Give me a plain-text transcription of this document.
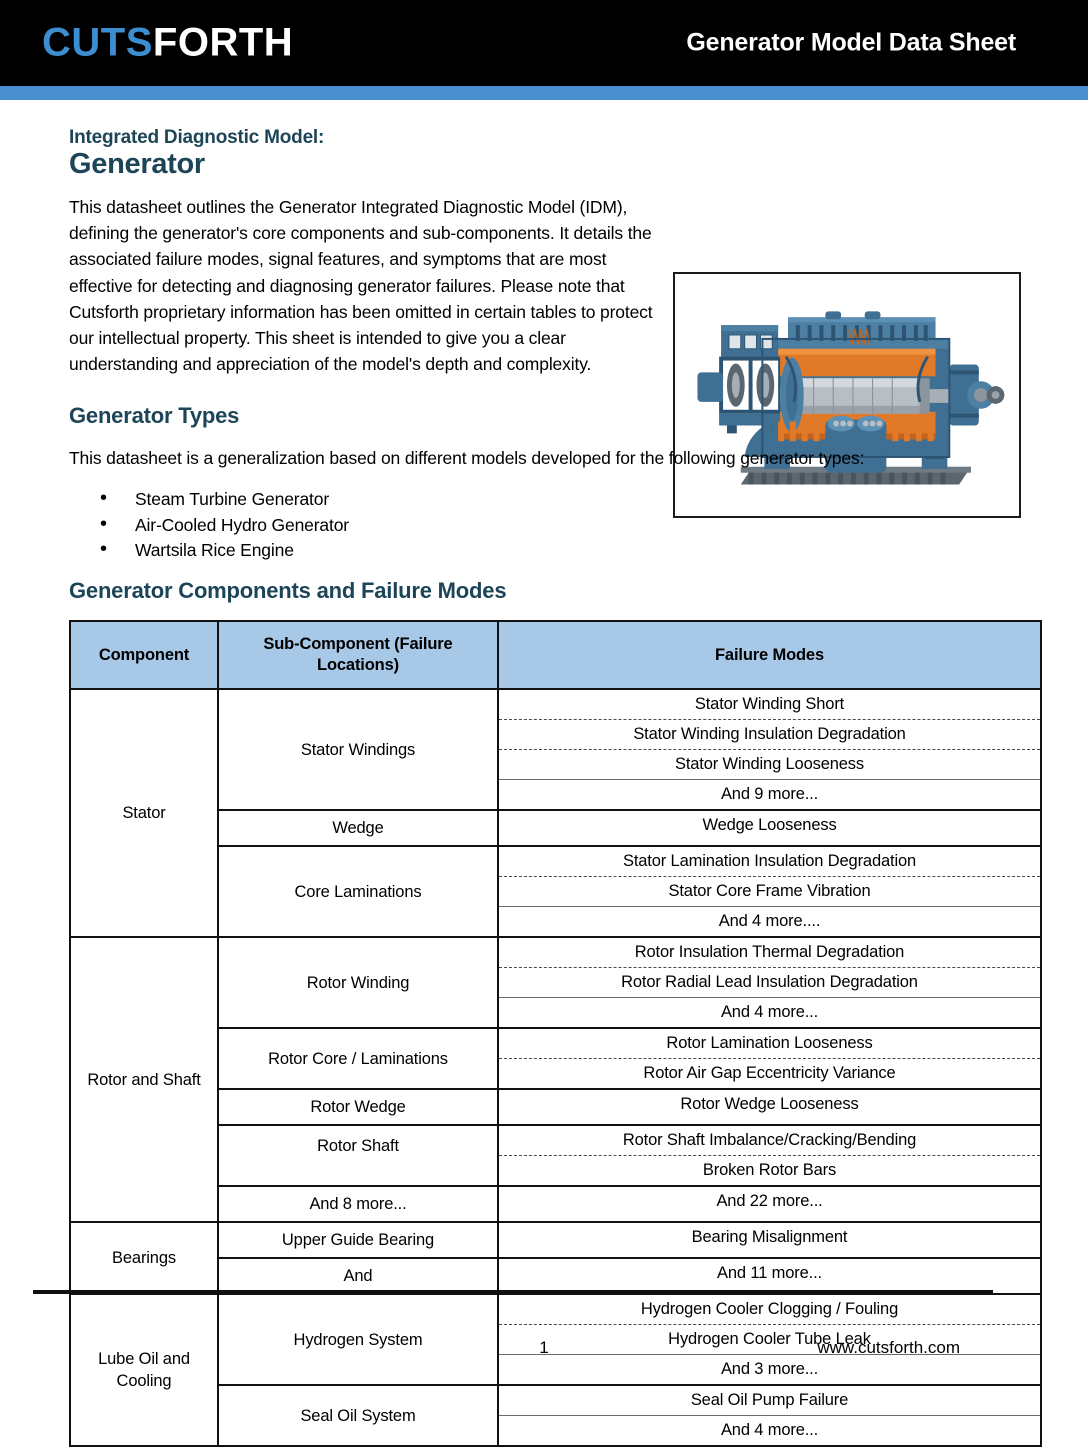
CUTSFORTH	Generator Model Data Sheet
Integrated Diagnostic Model:
Generator

This datasheet outlines the Generator Integrated Diagnostic Model (IDM), defining the generator's core components and sub-components. It details the associated failure modes, signal features, and symptoms that are most effective for detecting and diagnosing generator failures. Please note that Cutsforth proprietary information has been omitted in certain tables to protect our intellectual property. This sheet is intended to give you a clear understanding and appreciation of the model's depth and complexity.

Generator Types

This datasheet is a generalization based on different models developed for the following generator types:

• Steam Turbine Generator
• Air-Cooled Hydro Generator
• Wartsila Rice Engine
Generator Components and Failure Modes
Component	Sub-Component (Failure Locations)	Failure Modes
Stator	Stator Windings	Stator Winding Short
Stator Winding Insulation Degradation
Stator Winding Looseness
And 9 more...

	Wedge	Wedge Looseness

	Core Laminations	Stator Lamination Insulation Degradation
Stator Core Frame Vibration
And 4 more....

Rotor and Shaft	Rotor Winding	Rotor Insulation Thermal Degradation
Rotor Radial Lead Insulation Degradation
And 4 more...

	Rotor Core / Laminations	Rotor Lamination Looseness
Rotor Air Gap Eccentricity Variance

	Rotor Wedge	Rotor Wedge Looseness

	Rotor Shaft	Rotor Shaft Imbalance/Cracking/Bending
Broken Rotor Bars

	And 8 more...	And 22 more...

Bearings	Upper Guide Bearing	Bearing Misalignment

	And	And 11 more...

Lube Oil and Cooling	Hydrogen System	Hydrogen Cooler Clogging / Fouling
Hydrogen Cooler Tube Leak
And 3 more...

	Seal Oil System	Seal Oil Pump Failure
And 4 more...
1	www.cutsforth.com
